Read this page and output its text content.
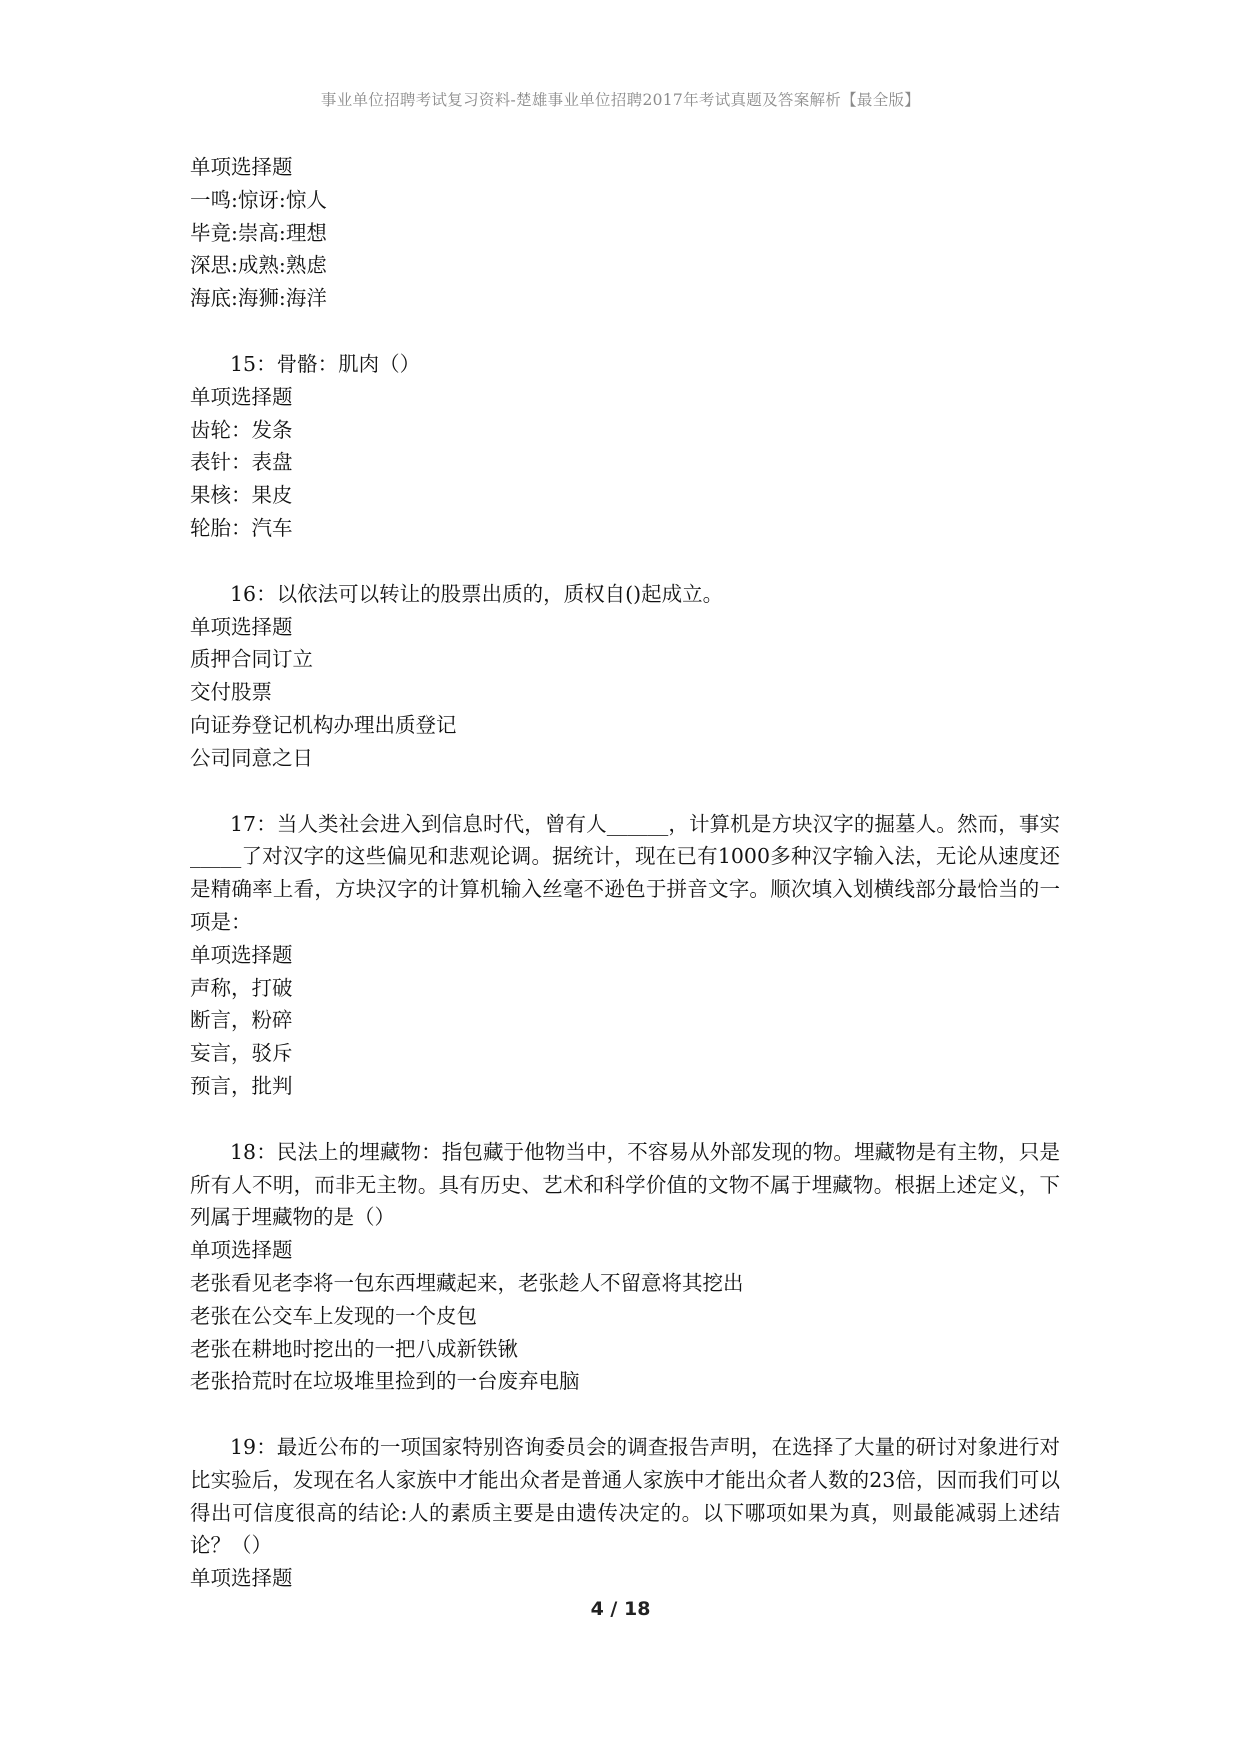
事业单位招聘考试复习资料-楚雄事业单位招聘2017年考试真题及答案解析【最全版】
单项选择题
一鸣:惊讶:惊人
毕竟:崇高:理想
深思:成熟:熟虑
海底:海狮:海洋
15：骨骼：肌肉（）
单项选择题
齿轮：发条
表针：表盘
果核：果皮
轮胎：汽车
16：以依法可以转让的股票出质的，质权自()起成立。
单项选择题
质押合同订立
交付股票
向证券登记机构办理出质登记
公司同意之日
17：当人类社会进入到信息时代，曾有人______，计算机是方块汉字的掘墓人。然而，事实_____了对汉字的这些偏见和悲观论调。据统计，现在已有1000多种汉字输入法，无论从速度还是精确率上看，方块汉字的计算机输入丝毫不逊色于拼音文字。顺次填入划横线部分最恰当的一项是：
单项选择题
声称，打破
断言，粉碎
妄言，驳斥
预言，批判
18：民法上的埋藏物：指包藏于他物当中，不容易从外部发现的物。埋藏物是有主物，只是所有人不明，而非无主物。具有历史、艺术和科学价值的文物不属于埋藏物。根据上述定义，下列属于埋藏物的是（）
单项选择题
老张看见老李将一包东西埋藏起来，老张趁人不留意将其挖出
老张在公交车上发现的一个皮包
老张在耕地时挖出的一把八成新铁锹
老张拾荒时在垃圾堆里捡到的一台废弃电脑
19：最近公布的一项国家特别咨询委员会的调查报告声明，在选择了大量的研讨对象进行对比实验后，发现在名人家族中才能出众者是普通人家族中才能出众者人数的23倍，因而我们可以得出可信度很高的结论:人的素质主要是由遗传决定的。以下哪项如果为真，则最能减弱上述结论？（）
单项选择题
4 / 18
